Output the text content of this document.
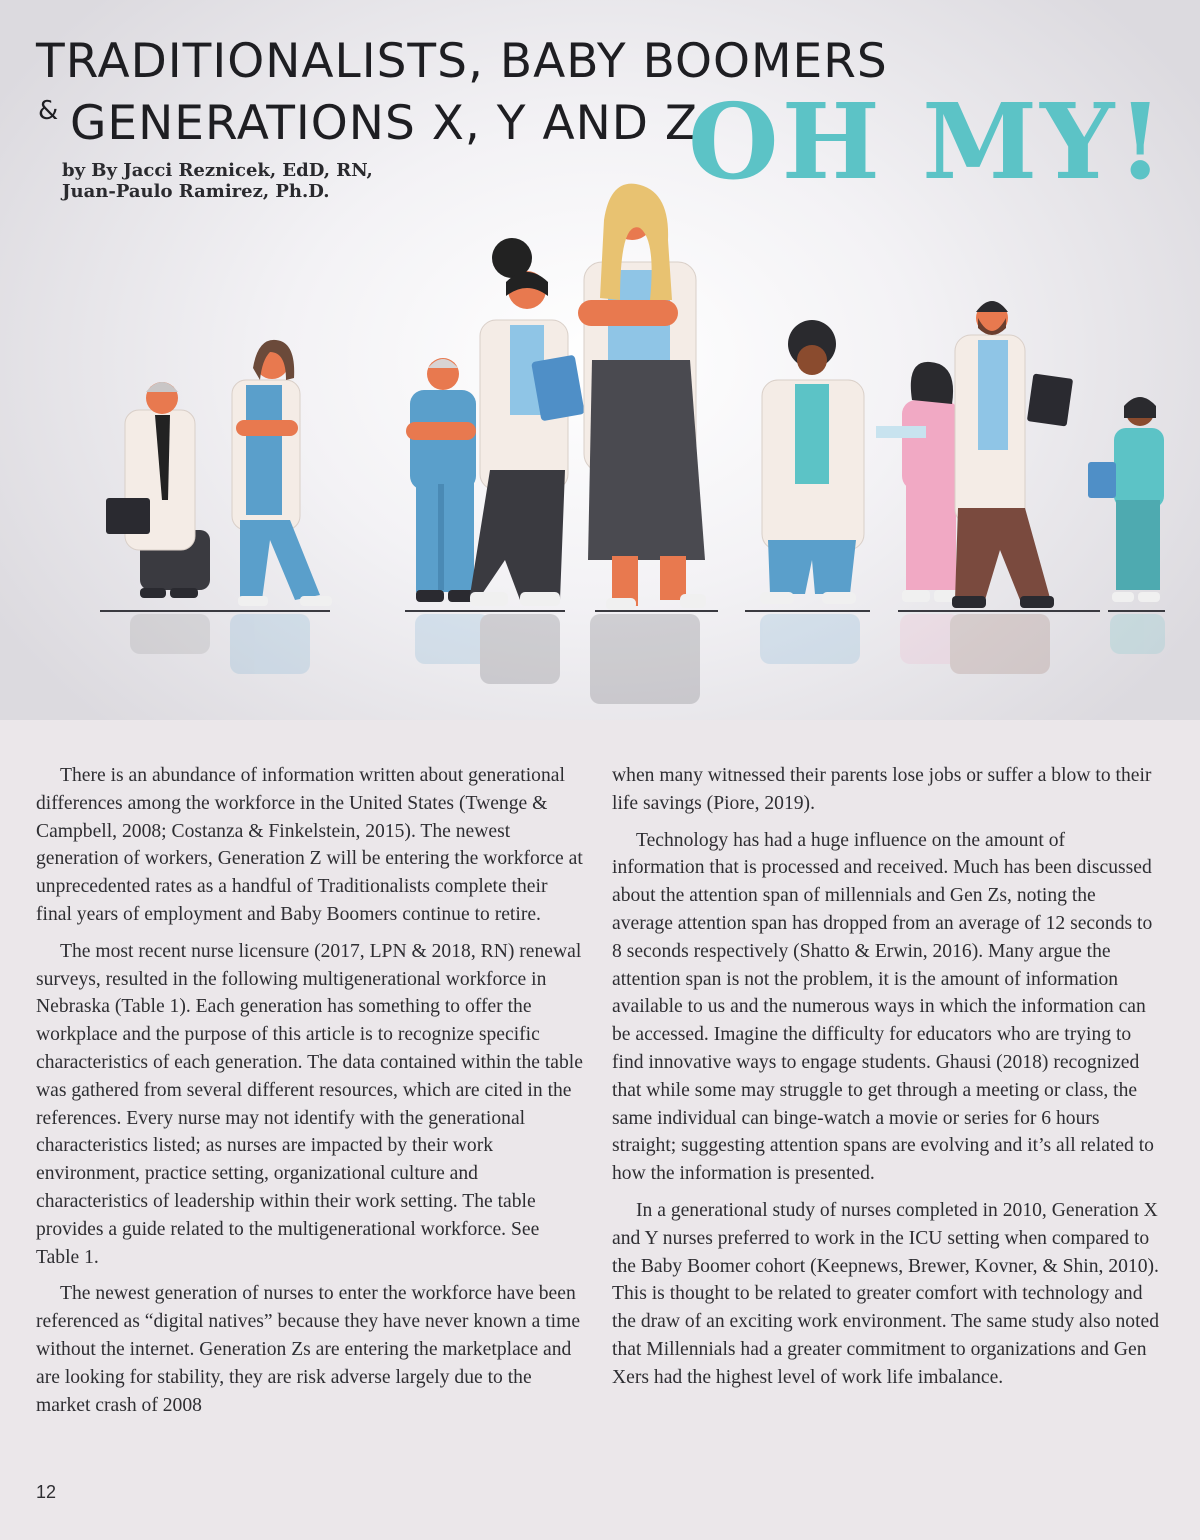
TRADITIONALISTS, BABY BOOMERS
& GENERATIONS X, Y AND Z,
OH MY!
by By Jacci Reznicek, EdD, RN,
Juan-Paulo Ramirez, Ph.D.

There is an abundance of information written about generational differences among the workforce in the United States (Twenge & Campbell, 2008; Costanza & Finkelstein, 2015). The newest generation of workers, Generation Z will be entering the workforce at unprecedented rates as a handful of Traditionalists complete their final years of employment and Baby Boomers continue to retire.

The most recent nurse licensure (2017, LPN & 2018, RN) renewal surveys, resulted in the following multigenerational workforce in Nebraska (Table 1). Each generation has something to offer the workplace and the purpose of this article is to recognize specific characteristics of each generation. The data contained within the table was gathered from several different resources, which are cited in the references. Every nurse may not identify with the generational characteristics listed; as nurses are impacted by their work environment, practice setting, organizational culture and characteristics of leadership within their work setting. The table provides a guide related to the multigenerational workforce. See Table 1.

The newest generation of nurses to enter the workforce have been referenced as “digital natives” because they have never known a time without the internet. Generation Zs are entering the marketplace and are looking for stability, they are risk adverse largely due to the market crash of 2008

when many witnessed their parents lose jobs or suffer a blow to their life savings (Piore, 2019).

Technology has had a huge influence on the amount of information that is processed and received. Much has been discussed about the attention span of millennials and Gen Zs, noting the average attention span has dropped from an average of 12 seconds to 8 seconds respectively (Shatto & Erwin, 2016). Many argue the attention span is not the problem, it is the amount of information available to us and the numerous ways in which the information can be accessed. Imagine the difficulty for educators who are trying to find innovative ways to engage students. Ghausi (2018) recognized that while some may struggle to get through a meeting or class, the same individual can binge-watch a movie or series for 6 hours straight; suggesting attention spans are evolving and it’s all related to how the information is presented.

In a generational study of nurses completed in 2010, Generation X and Y nurses preferred to work in the ICU setting when compared to the Baby Boomer cohort (Keepnews, Brewer, Kovner, & Shin, 2010). This is thought to be related to greater comfort with technology and the draw of an exciting work environment. The same study also noted that Millennials had a greater commitment to organizations and Gen Xers had the highest level of work life imbalance.

12
